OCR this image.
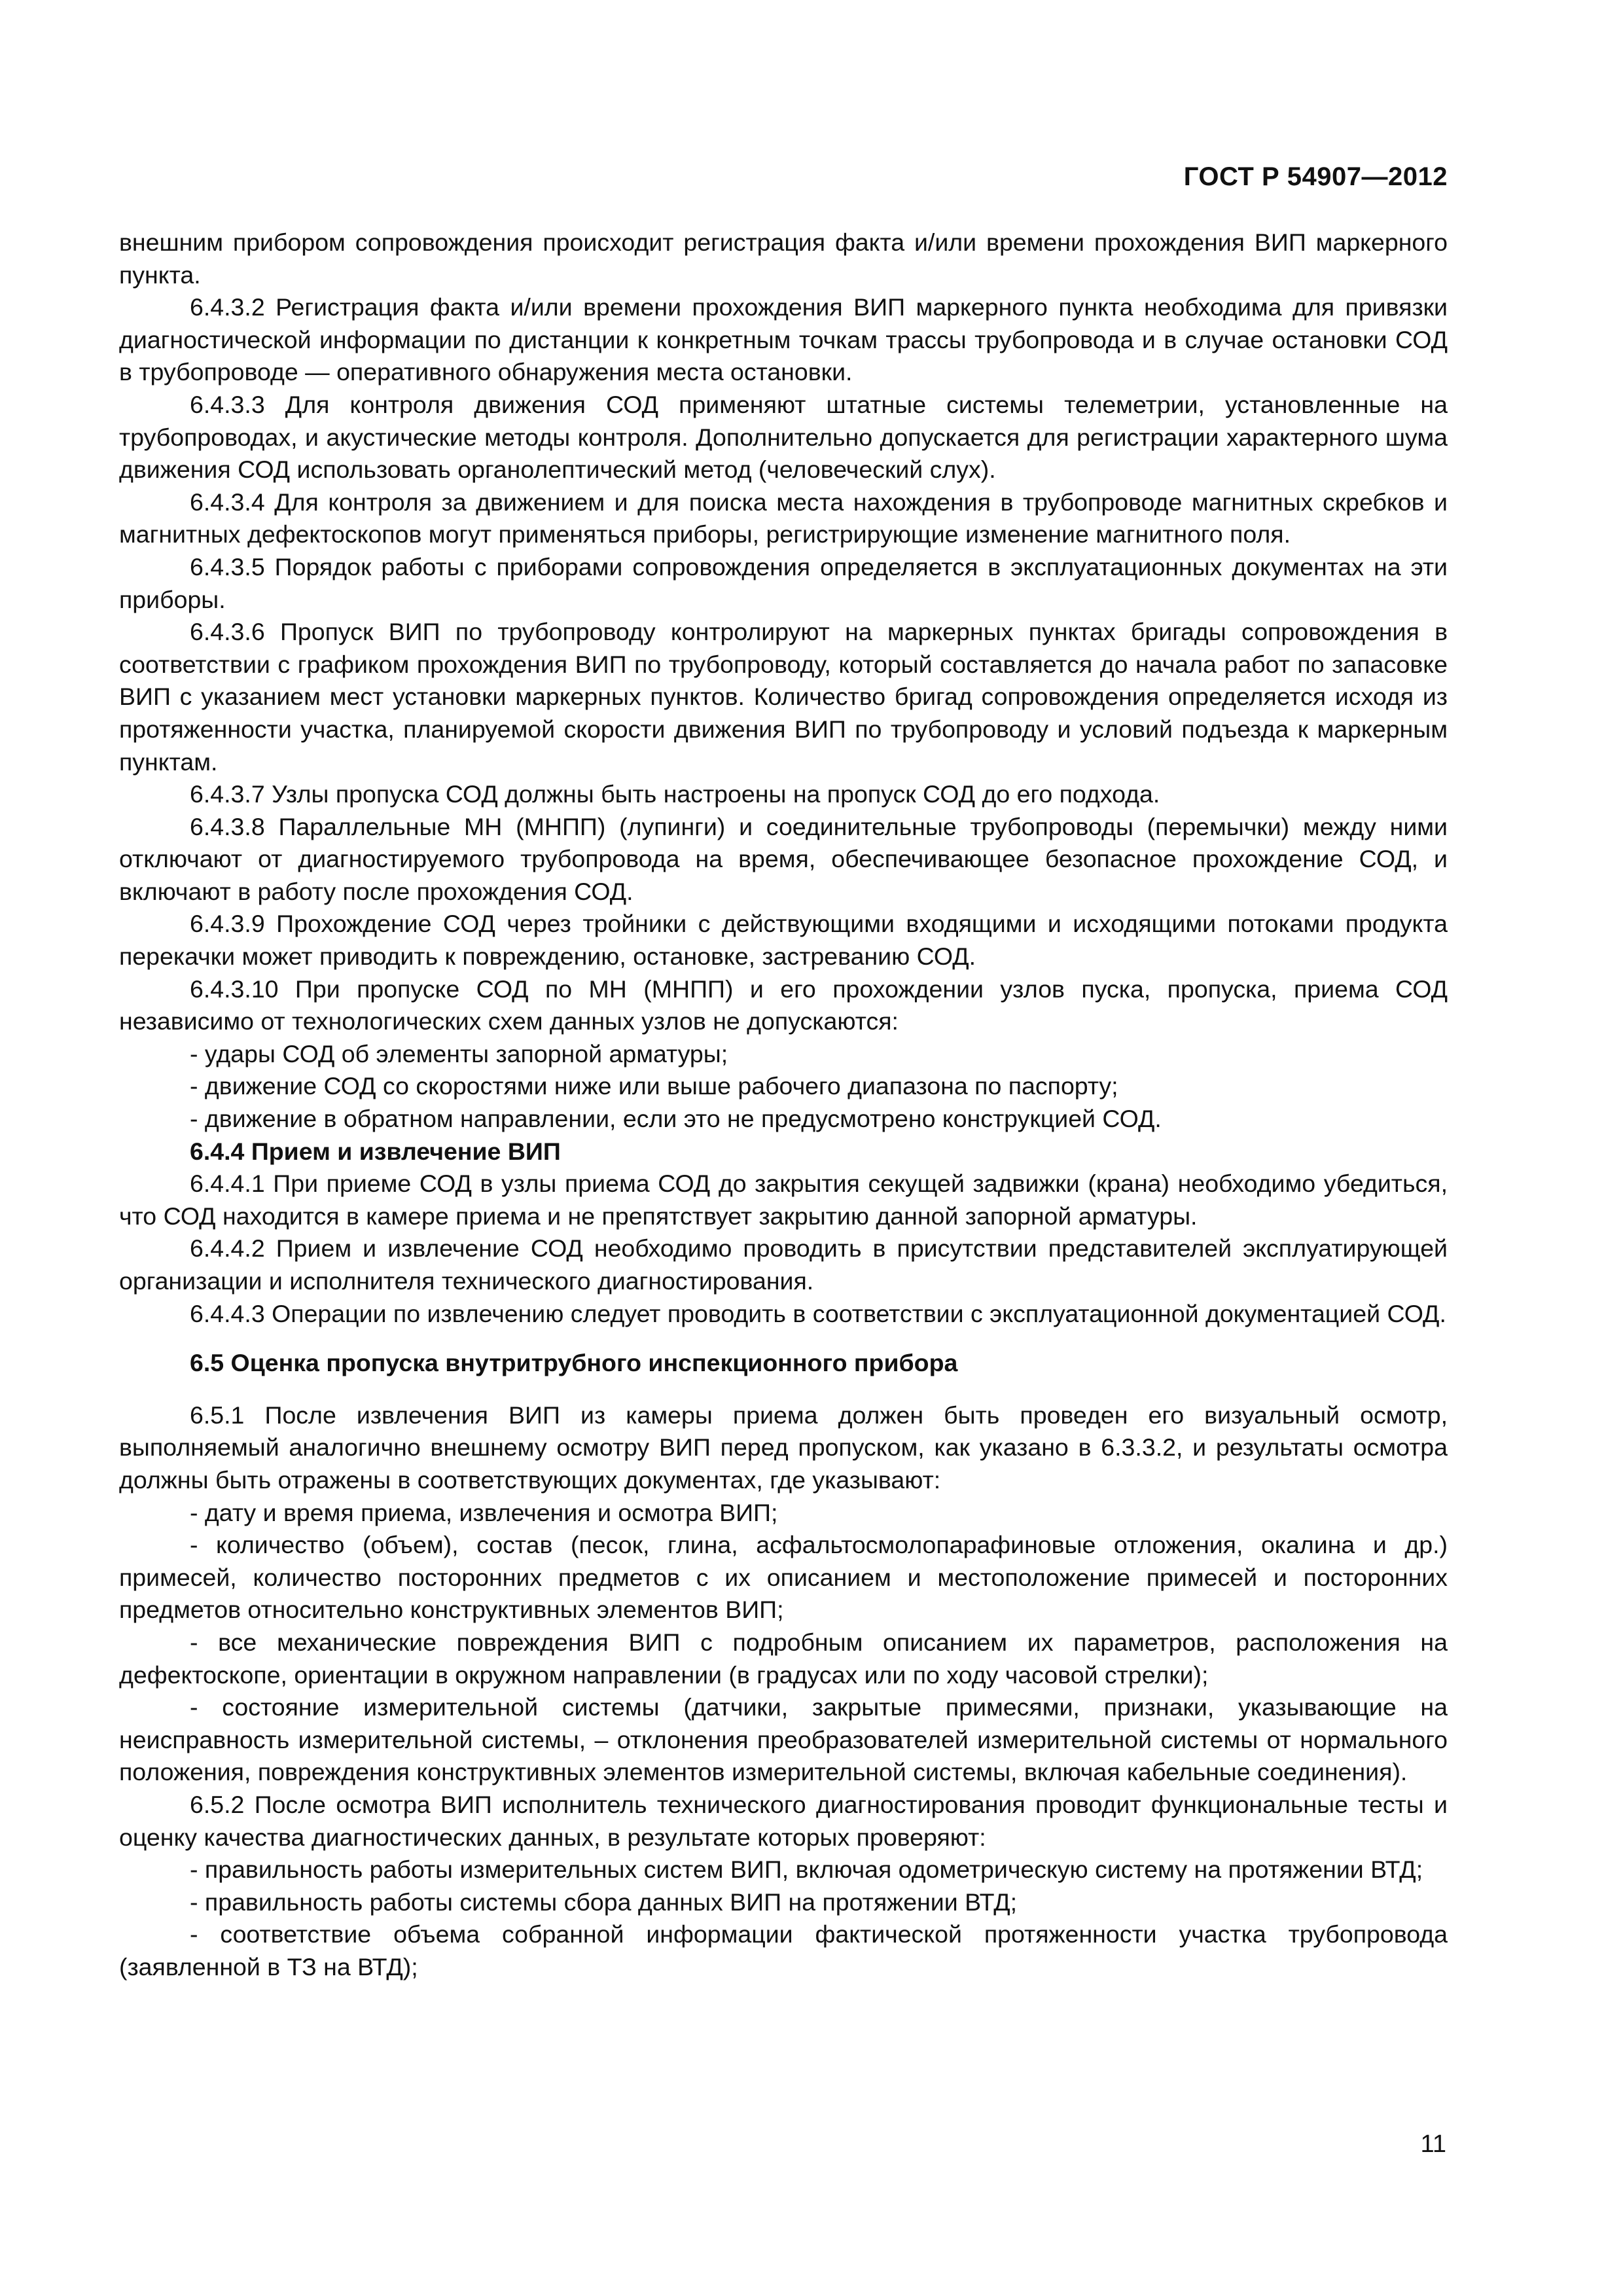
ГОСТ Р 54907—2012

внешним прибором сопровождения происходит регистрация факта и/или времени прохождения ВИП маркерного пункта.

6.4.3.2 Регистрация факта и/или времени прохождения ВИП маркерного пункта необходима для привязки диагностической информации по дистанции к конкретным точкам трассы трубопровода и в случае остановки СОД в трубопроводе — оперативного обнаружения места остановки.

6.4.3.3 Для контроля движения СОД применяют штатные системы телеметрии, установленные на трубопроводах, и акустические методы контроля. Дополнительно допускается для регистрации характерного шума движения СОД использовать органолептический метод (человеческий слух).

6.4.3.4 Для контроля за движением и для поиска места нахождения в трубопроводе магнитных скребков и магнитных дефектоскопов могут применяться приборы, регистрирующие изменение магнитного поля.

6.4.3.5 Порядок работы с приборами сопровождения определяется в эксплуатационных документах на эти приборы.

6.4.3.6 Пропуск ВИП по трубопроводу контролируют на маркерных пунктах бригады сопровождения в соответствии с графиком прохождения ВИП по трубопроводу, который составляется до начала работ по запасовке ВИП с указанием мест установки маркерных пунктов. Количество бригад сопровождения определяется исходя из протяженности участка, планируемой скорости движения ВИП по трубопроводу и условий подъезда к маркерным пунктам.

6.4.3.7 Узлы пропуска СОД должны быть настроены на пропуск СОД до его подхода.

6.4.3.8 Параллельные МН (МНПП) (лупинги) и соединительные трубопроводы (перемычки) между ними отключают от диагностируемого трубопровода на время, обеспечивающее безопасное прохождение СОД, и включают в работу после прохождения СОД.

6.4.3.9 Прохождение СОД через тройники с действующими входящими и исходящими потоками продукта перекачки может приводить к повреждению, остановке, застреванию СОД.

6.4.3.10 При пропуске СОД по МН (МНПП) и его прохождении узлов пуска, пропуска, приема СОД независимо от технологических схем данных узлов не допускаются:

- удары СОД об элементы запорной арматуры;

- движение СОД со скоростями ниже или выше рабочего диапазона по паспорту;

- движение в обратном направлении, если это не предусмотрено конструкцией СОД.

6.4.4 Прием и извлечение ВИП

6.4.4.1 При приеме СОД в узлы приема СОД до закрытия секущей задвижки (крана) необходимо убедиться, что СОД находится в камере приема и не препятствует закрытию данной запорной арматуры.

6.4.4.2 Прием и извлечение СОД необходимо проводить в присутствии представителей эксплуатирующей организации и исполнителя технического диагностирования.

6.4.4.3 Операции по извлечению следует проводить в соответствии с эксплуатационной документацией СОД.

6.5 Оценка пропуска внутритрубного инспекционного прибора

6.5.1 После извлечения ВИП из камеры приема должен быть проведен его визуальный осмотр, выполняемый аналогично внешнему осмотру ВИП перед пропуском, как указано в 6.3.3.2, и результаты осмотра должны быть отражены в соответствующих документах, где указывают:

- дату и время приема, извлечения и осмотра ВИП;

- количество (объем), состав (песок, глина, асфальтосмолопарафиновые отложения, окалина и др.) примесей, количество посторонних предметов с их описанием и местоположение примесей и посторонних предметов относительно конструктивных элементов ВИП;

- все механические повреждения ВИП с подробным описанием их параметров, расположения на дефектоскопе, ориентации в окружном направлении (в градусах или по ходу часовой стрелки);

- состояние измерительной системы (датчики, закрытые примесями, признаки, указывающие на неисправность измерительной системы, – отклонения преобразователей измерительной системы от нормального положения, повреждения конструктивных элементов измерительной системы, включая кабельные соединения).

6.5.2 После осмотра ВИП исполнитель технического диагностирования проводит функциональные тесты и оценку качества диагностических данных, в результате которых проверяют:

- правильность работы измерительных систем ВИП, включая одометрическую систему на протяжении ВТД;

- правильность работы системы сбора данных ВИП на протяжении ВТД;

- соответствие объема собранной информации фактической протяженности участка трубопровода (заявленной в ТЗ на ВТД);

11
